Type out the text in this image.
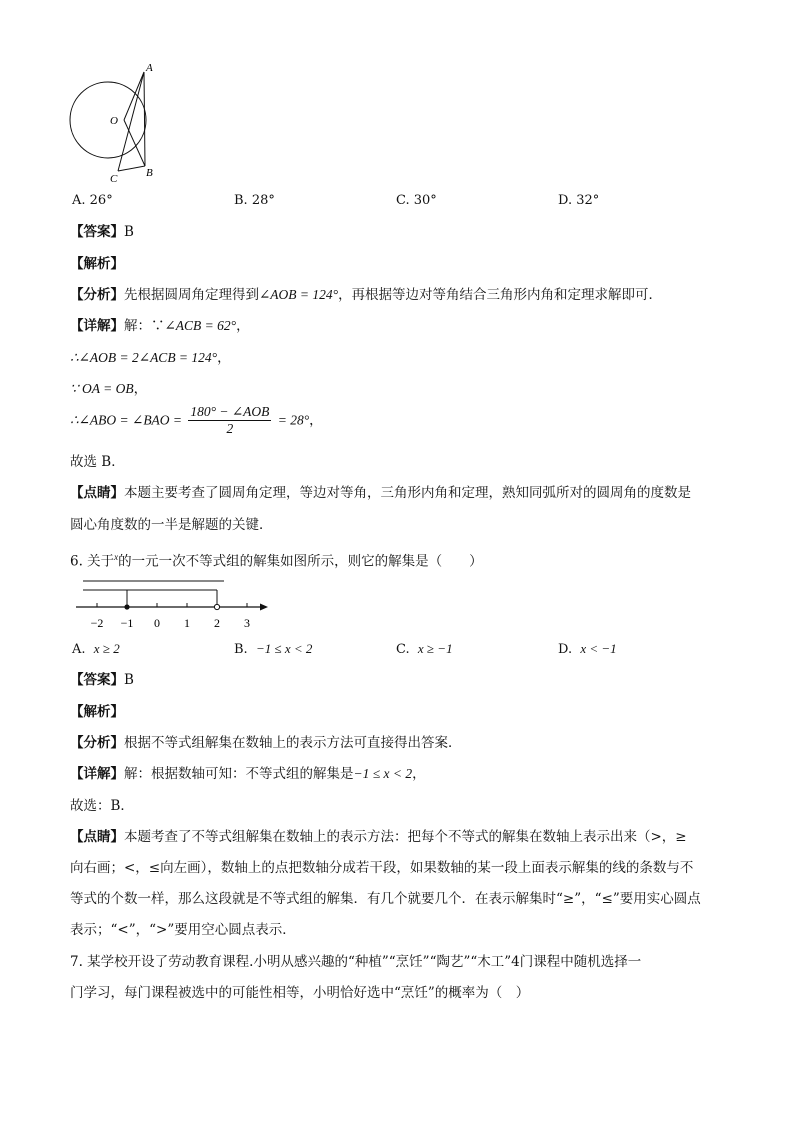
A
O
C	B
A. 26°	B. 28°	C. 30°	D. 32°
【答案】B
【解析】
【分析】先根据圆周角定理得到∠AOB = 124°，再根据等边对等角结合三角形内角和定理求解即可．
【详解】解：∵∠ACB = 62°，
∴∠AOB = 2∠ACB = 124°，
∵ OA = OB，
∴∠ABO = ∠BAO = $\frac{\text{180° − ∠AOB}}{2} = 28^\circ$，
故选 B．
【点睛】本题主要考查了圆周角定理，等边对等角，三角形内角和定理，熟知同弧所对的圆周角的度数是
圆心角度数的一半是解题的关键．
6. 关于$^x$的一元一次不等式组的解集如图所示，则它的解集是（　　）
−2 −1 0 1 2 3
A. x ≥ 2	B. −1 ≤ x < 2	C. x ≥ −1	D. x < −1
【答案】B
【解析】
【分析】根据不等式组解集在数轴上的表示方法可直接得出答案．
【详解】解：根据数轴可知：不等式组的解集是−1 ≤ x < 2，
故选：B．
【点睛】本题考查了不等式组解集在数轴上的表示方法：把每个不等式的解集在数轴上表示出来（>，≥
向右画；<，≤向左画），数轴上的点把数轴分成若干段，如果数轴的某一段上面表示解集的线的条数与不
等式的个数一样，那么这段就是不等式组的解集．有几个就要几个．在表示解集时“≥”，“≤”要用实心圆点
表示；“<”，“>”要用空心圆点表示．
7. 某学校开设了劳动教育课程.小明从感兴趣的“种植”“烹饪”“陶艺”“木工”4门课程中随机选择一
门学习，每门课程被选中的可能性相等，小明恰好选中“烹饪”的概率为（　）
